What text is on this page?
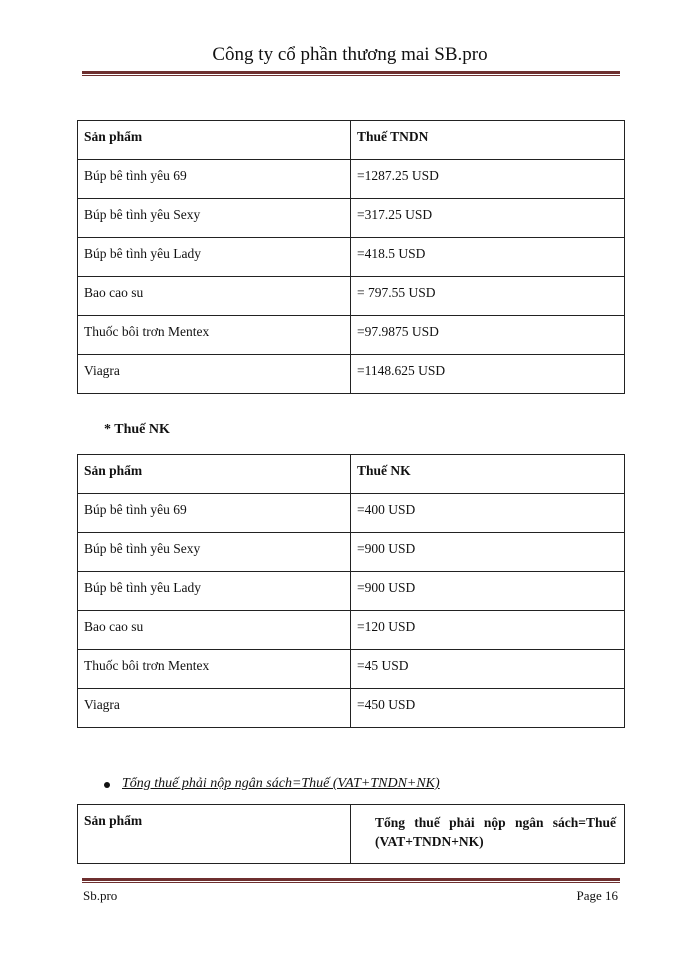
Công ty cổ phần thương mai SB.pro
Sản phẩm	Thuế TNDN
Búp bê tình yêu 69	=1287.25 USD
Búp bê tình yêu Sexy	=317.25 USD
Búp bê tình yêu Lady	=418.5 USD
Bao cao su	= 797.55 USD
Thuốc bôi trơn Mentex	=97.9875 USD
Viagra	=1148.625 USD
* Thuế NK
Sản phẩm	Thuế NK
Búp bê tình yêu 69	=400 USD
Búp bê tình yêu Sexy	=900 USD
Búp bê tình yêu Lady	=900 USD
Bao cao su	=120 USD
Thuốc bôi trơn Mentex	=45 USD
Viagra	=450 USD
Tổng thuế phải nộp ngân sách=Thuế (VAT+TNDN+NK)
Sản phẩm	Tổng thuế phải nộp ngân sách=Thuế
(VAT+TNDN+NK)
Sb.pro	Page 16
